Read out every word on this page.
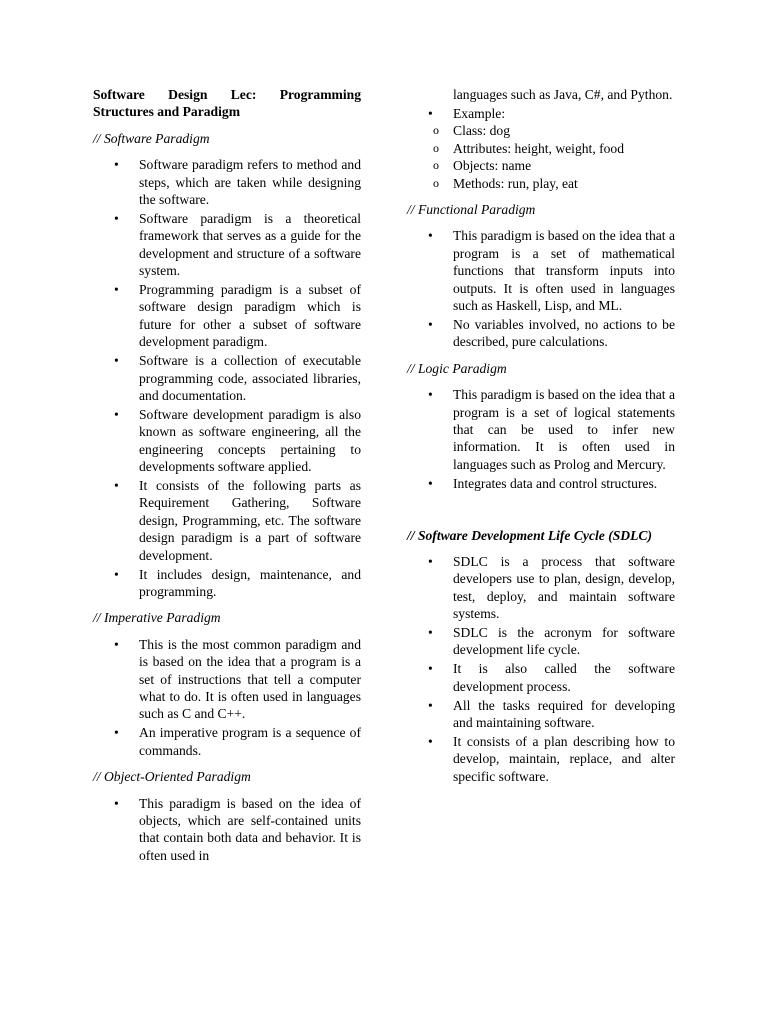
Software Design Lec: Programming Structures and Paradigm
// Software Paradigm
• Software paradigm refers to method and steps, which are taken while designing the software.
• Software paradigm is a theoretical framework that serves as a guide for the development and structure of a software system.
• Programming paradigm is a subset of software design paradigm which is future for other a subset of software development paradigm.
• Software is a collection of executable programming code, associated libraries, and documentation.
• Software development paradigm is also known as software engineering, all the engineering concepts pertaining to developments software applied.
• It consists of the following parts as Requirement Gathering, Software design, Programming, etc. The software design paradigm is a part of software development.
• It includes design, maintenance, and programming.
// Imperative Paradigm
• This is the most common paradigm and is based on the idea that a program is a set of instructions that tell a computer what to do. It is often used in languages such as C and C++.
• An imperative program is a sequence of commands.
// Object-Oriented Paradigm
• This paradigm is based on the idea of objects, which are self-contained units that contain both data and behavior. It is often used in
languages such as Java, C#, and Python.
• Example:
o Class: dog
o Attributes: height, weight, food
o Objects: name
o Methods: run, play, eat
// Functional Paradigm
• This paradigm is based on the idea that a program is a set of mathematical functions that transform inputs into outputs. It is often used in languages such as Haskell, Lisp, and ML.
• No variables involved, no actions to be described, pure calculations.
// Logic Paradigm
• This paradigm is based on the idea that a program is a set of logical statements that can be used to infer new information. It is often used in languages such as Prolog and Mercury.
• Integrates data and control structures.
// Software Development Life Cycle (SDLC)
• SDLC is a process that software developers use to plan, design, develop, test, deploy, and maintain software systems.
• SDLC is the acronym for software development life cycle.
• It is also called the software development process.
• All the tasks required for developing and maintaining software.
• It consists of a plan describing how to develop, maintain, replace, and alter specific software.
